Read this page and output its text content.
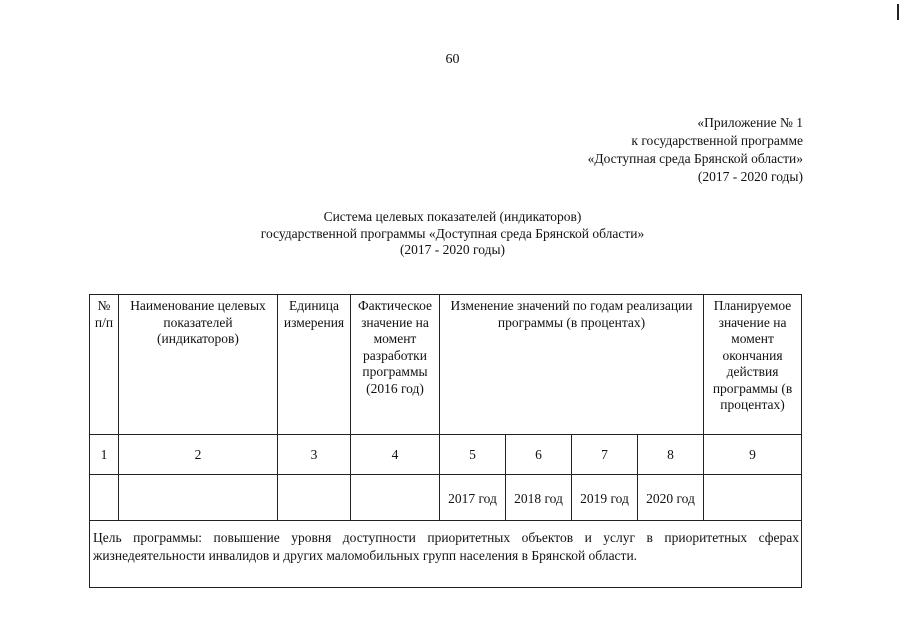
60
«Приложение № 1
к государственной программе
«Доступная среда Брянской области»
(2017 - 2020 годы)
Система целевых показателей (индикаторов)
государственной программы «Доступная среда Брянской области»
(2017 - 2020 годы)
№ п/п	Наименование целевых показателей (индикаторов)	Единица измерения	Фактическое значение на момент разработки программы (2016 год)	Изменение значений по годам реализации программы (в процентах)				Планируемое значение на момент окончания действия программы (в процентах)
1	2	3	4	5	6	7	8	9
				2017 год	2018 год	2019 год	2020 год	

Цель программы: повышение уровня доступности приоритетных объектов и услуг в приоритетных сферах жизнедеятельности инвалидов и других маломобильных групп населения в Брянской области.								
